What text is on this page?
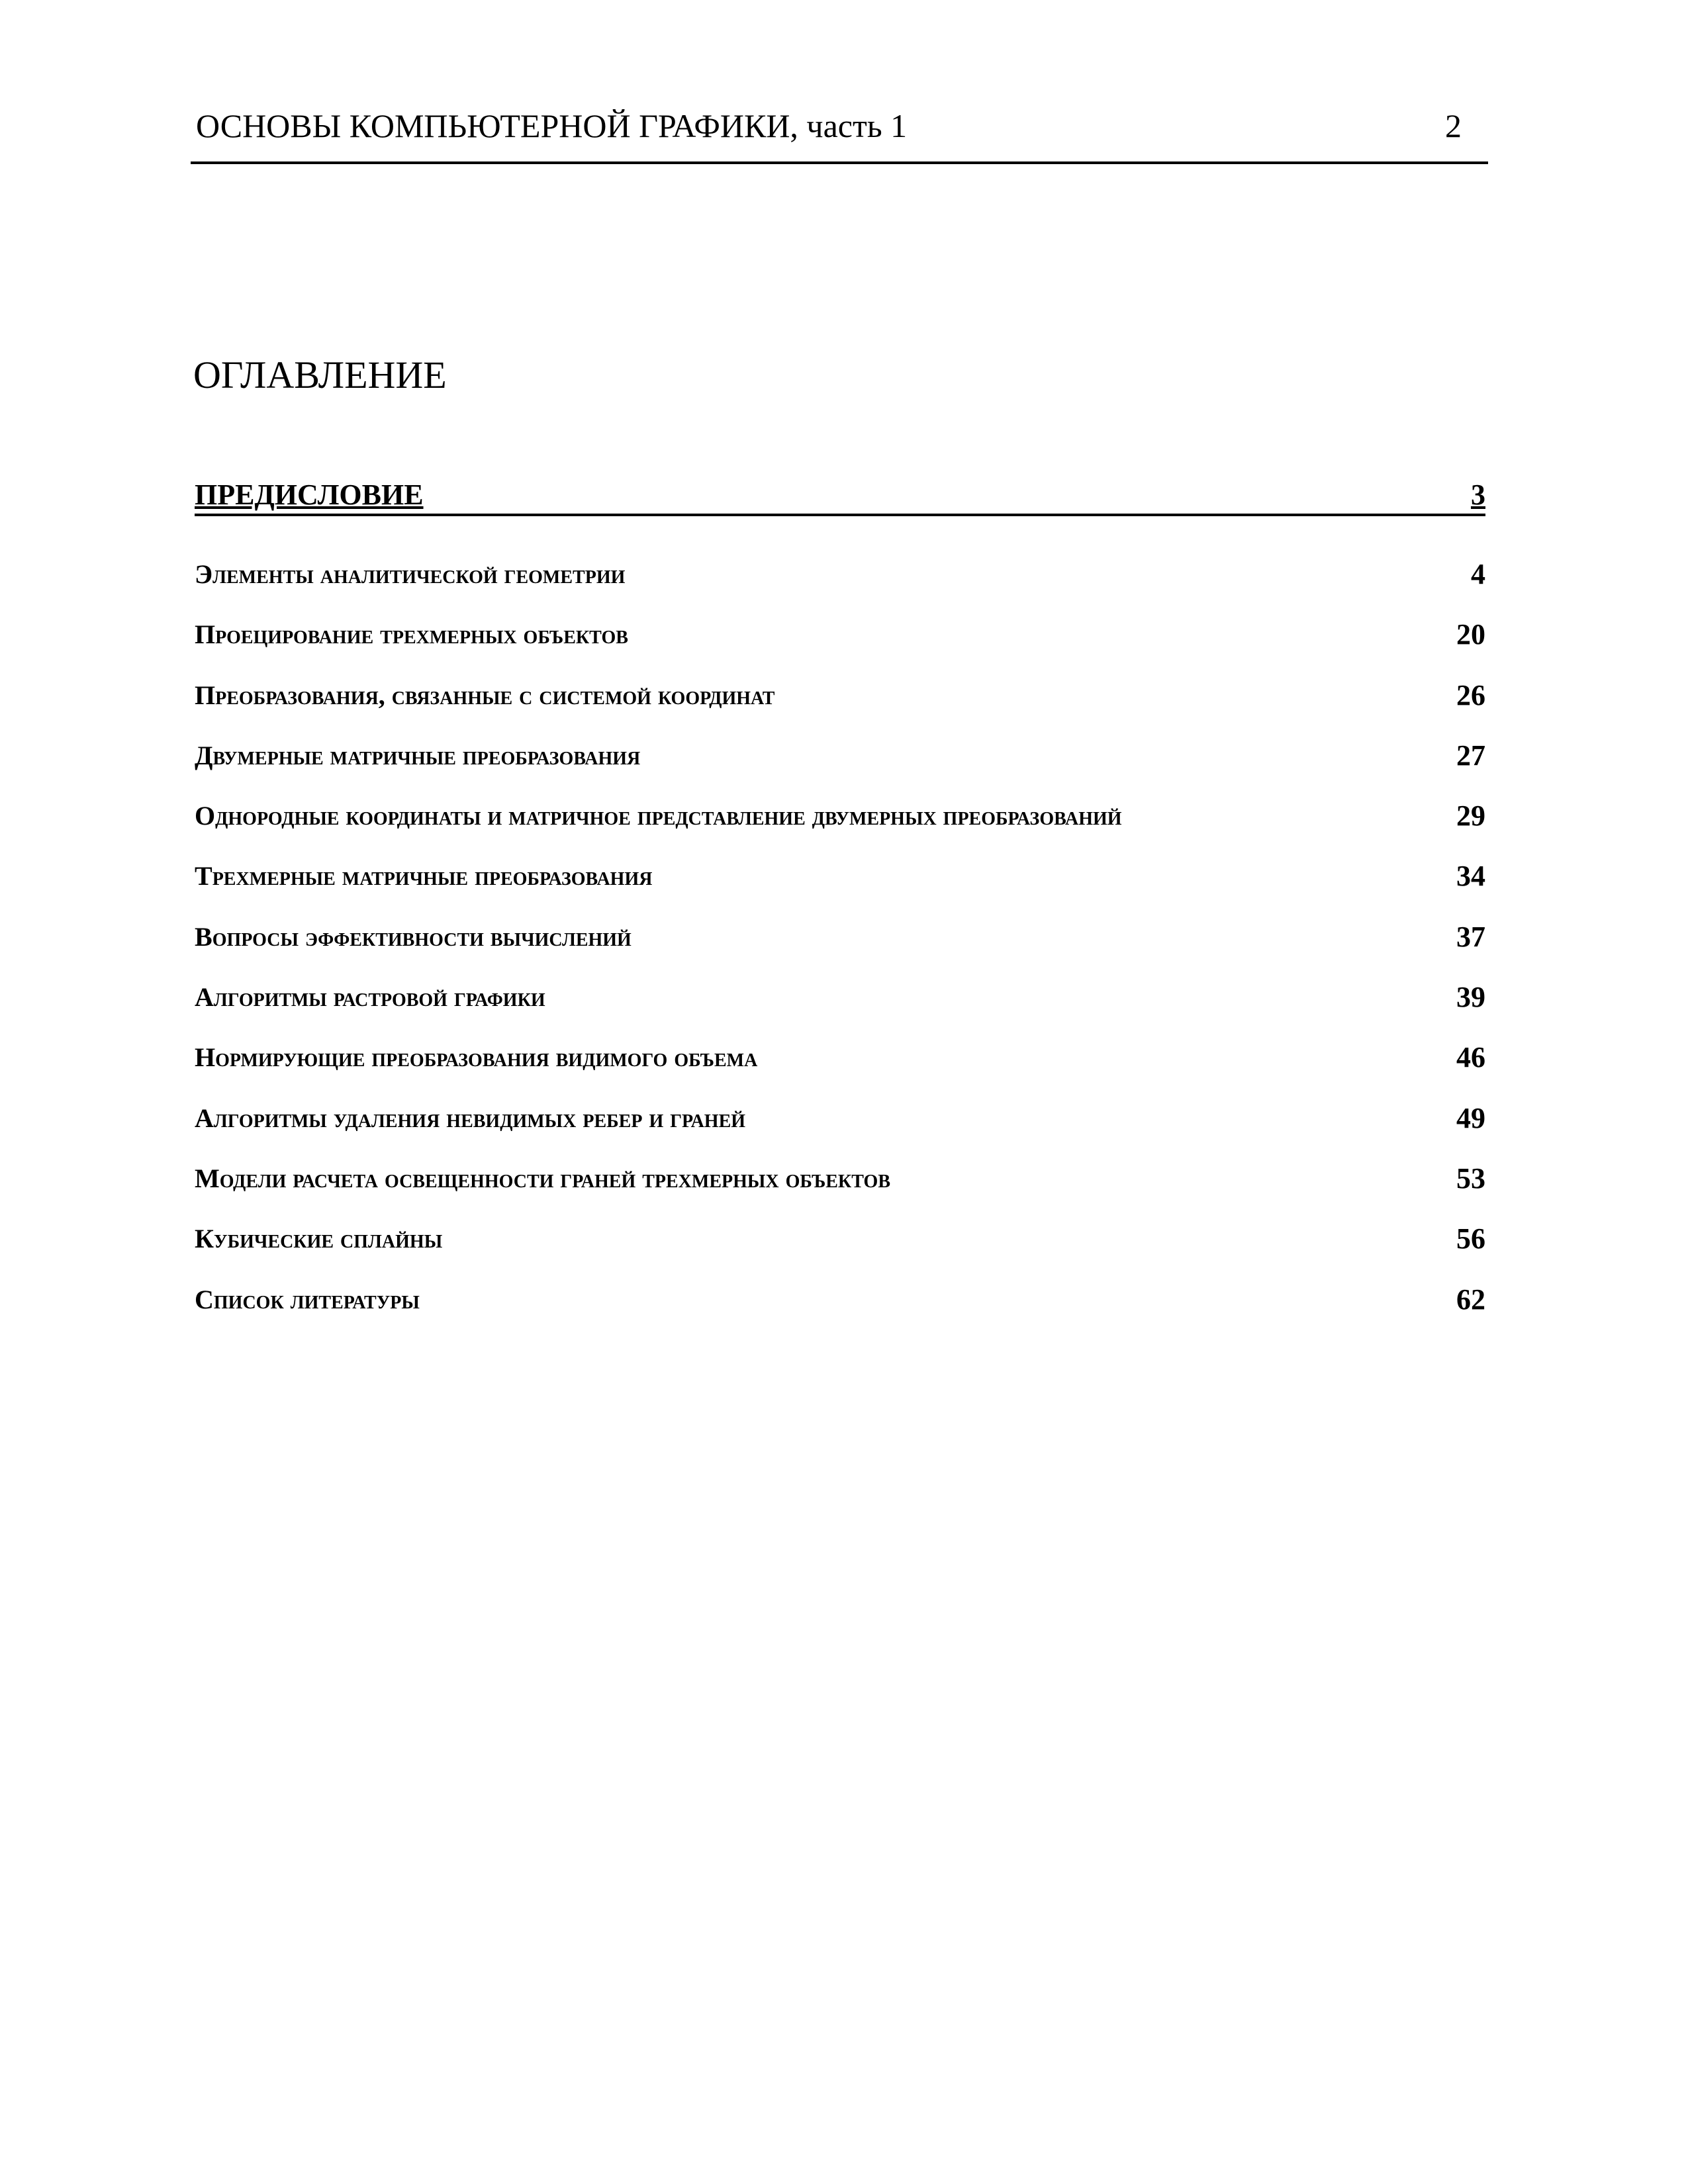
ОСНОВЫ КОМПЬЮТЕРНОЙ ГРАФИКИ, часть 1	2
ОГЛАВЛЕНИЕ
ПРЕДИСЛОВИЕ	3
Элементы аналитической геометрии	4
Проецирование трехмерных объектов	20
Преобразования, связанные с системой координат	26
Двумерные матричные преобразования	27
Однородные координаты и матричное представление двумерных преобразований	29
Трехмерные матричные преобразования	34
Вопросы эффективности вычислений	37
Алгоритмы растровой графики	39
Нормирующие преобразования видимого объема	46
Алгоритмы удаления невидимых ребер и граней	49
Модели расчета освещенности граней трехмерных объектов	53
Кубические сплайны	56
Список литературы	62
